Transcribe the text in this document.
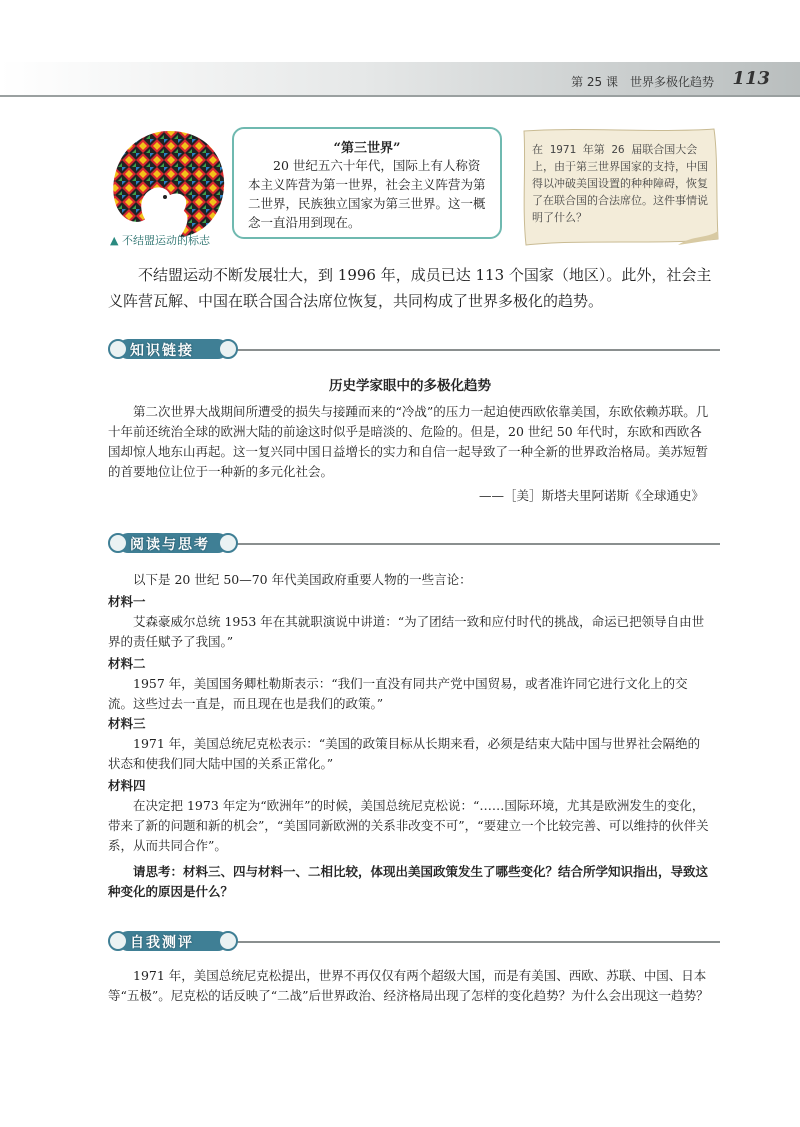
第 25 课　世界多极化趋势 113
▲ 不结盟运动的标志
“第三世界”
20 世纪五六十年代，国际上有人称资本主义阵营为第一世界，社会主义阵营为第二世界，民族独立国家为第三世界。这一概念一直沿用到现在。
在 1971 年第 26 届联合国大会上，由于第三世界国家的支持，中国得以冲破美国设置的种种障碍，恢复了在联合国的合法席位。这件事情说明了什么？
不结盟运动不断发展壮大，到 1996 年，成员已达 113 个国家（地区）。此外，社会主义阵营瓦解、中国在联合国合法席位恢复，共同构成了世界多极化的趋势。
知识链接
历史学家眼中的多极化趋势
第二次世界大战期间所遭受的损失与接踵而来的“冷战”的压力一起迫使西欧依靠美国，东欧依赖苏联。几十年前还统治全球的欧洲大陆的前途这时似乎是暗淡的、危险的。但是，20 世纪 50 年代时，东欧和西欧各国却惊人地东山再起。这一复兴同中国日益增长的实力和自信一起导致了一种全新的世界政治格局。美苏短暂的首要地位让位于一种新的多元化社会。
——［美］斯塔夫里阿诺斯《全球通史》
阅读与思考
以下是 20 世纪 50—70 年代美国政府重要人物的一些言论：
材料一
艾森豪威尔总统 1953 年在其就职演说中讲道：“为了团结一致和应付时代的挑战，命运已把领导自由世界的责任赋予了我国。”
材料二
1957 年，美国国务卿杜勒斯表示：“我们一直没有同共产党中国贸易，或者准许同它进行文化上的交流。这些过去一直是，而且现在也是我们的政策。”
材料三
1971 年，美国总统尼克松表示：“美国的政策目标从长期来看，必须是结束大陆中国与世界社会隔绝的状态和使我们同大陆中国的关系正常化。”
材料四
在决定把 1973 年定为“欧洲年”的时候，美国总统尼克松说：“……国际环境，尤其是欧洲发生的变化，带来了新的问题和新的机会”，“美国同新欧洲的关系非改变不可”，“要建立一个比较完善、可以维持的伙伴关系，从而共同合作”。
请思考：材料三、四与材料一、二相比较，体现出美国政策发生了哪些变化？结合所学知识指出，导致这种变化的原因是什么？
自我测评
1971 年，美国总统尼克松提出，世界不再仅仅有两个超级大国，而是有美国、西欧、苏联、中国、日本等“五极”。尼克松的话反映了“二战”后世界政治、经济格局出现了怎样的变化趋势？为什么会出现这一趋势？
